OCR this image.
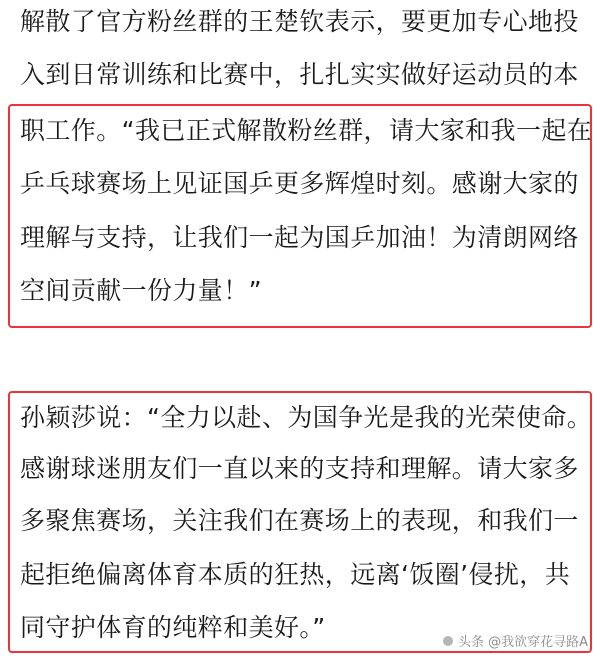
解散了官方粉丝群的王楚钦表示，要更加专心地投
入到日常训练和比赛中，扎扎实实做好运动员的本
职工作。“我已正式解散粉丝群，请大家和我一起在
乒乓球赛场上见证国乒更多辉煌时刻。感谢大家的
理解与支持，让我们一起为国乒加油！为清朗网络
空间贡献一份力量！”
孙颖莎说：“全力以赴、为国争光是我的光荣使命。
感谢球迷朋友们一直以来的支持和理解。请大家多
多聚焦赛场，关注我们在赛场上的表现，和我们一
起拒绝偏离体育本质的狂热，远离‘饭圈’侵扰，共
同守护体育的纯粹和美好。”
头条 @我欲穿花寻路A
